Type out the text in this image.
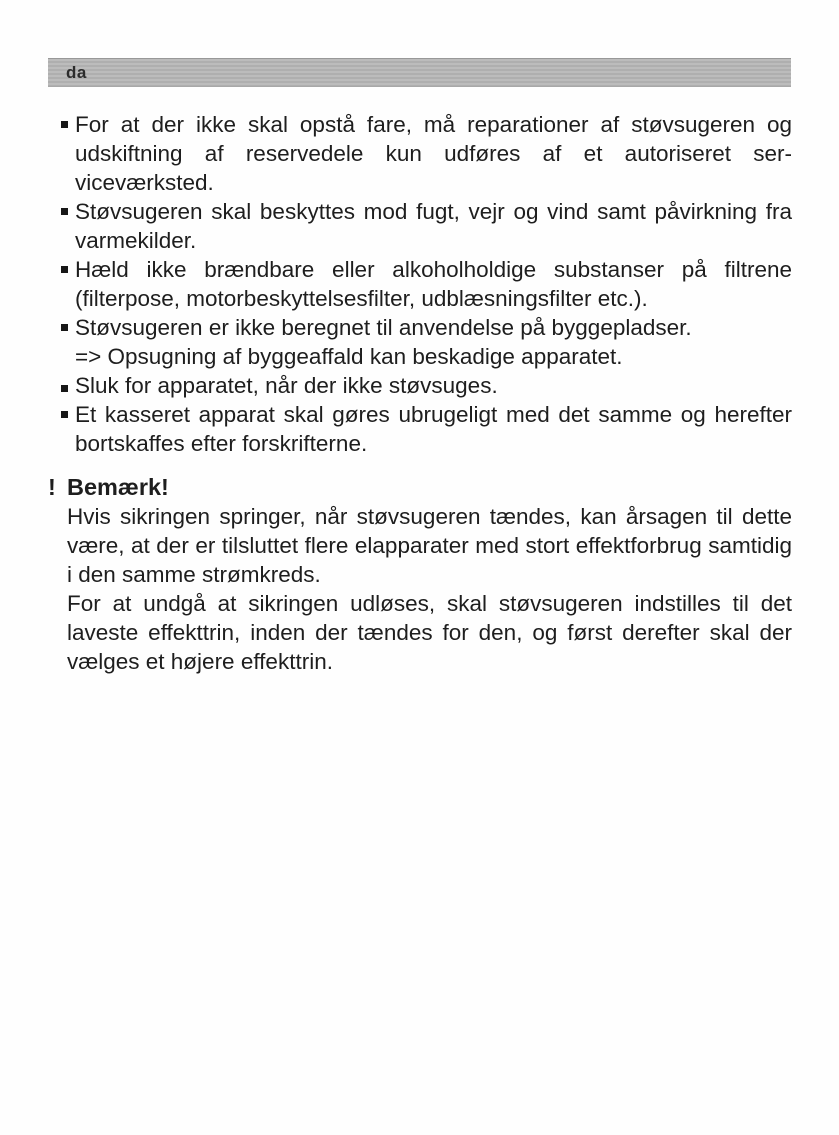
da
For at der ikke skal opstå fare, må reparationer af støvsugeren og udskiftning af reservedele kun udføres af et autoriseret serviceværksted.
Støvsugeren skal beskyttes mod fugt, vejr og vind samt påvirkning fra varmekilder.
Hæld ikke brændbare eller alkoholholdige substanser på filtrene (filterpose, motorbeskyttelsesfilter, udblæsningsfilter etc.).
Støvsugeren er ikke beregnet til anvendelse på byggepladser.
=> Opsugning af byggeaffald kan beskadige apparatet.
Sluk for apparatet, når der ikke støvsuges.
Et kasseret apparat skal gøres ubrugeligt med det samme og herefter bortskaffes efter forskrifterne.
! Bemærk!

Hvis sikringen springer, når støvsugeren tændes, kan årsagen til dette være, at der er tilsluttet flere elapparater med stort effektforbrug samtidig i den samme strømkreds.

For at undgå at sikringen udløses, skal støvsugeren indstilles til det laveste effekttrin, inden der tændes for den, og først derefter skal der vælges et højere effekttrin.
